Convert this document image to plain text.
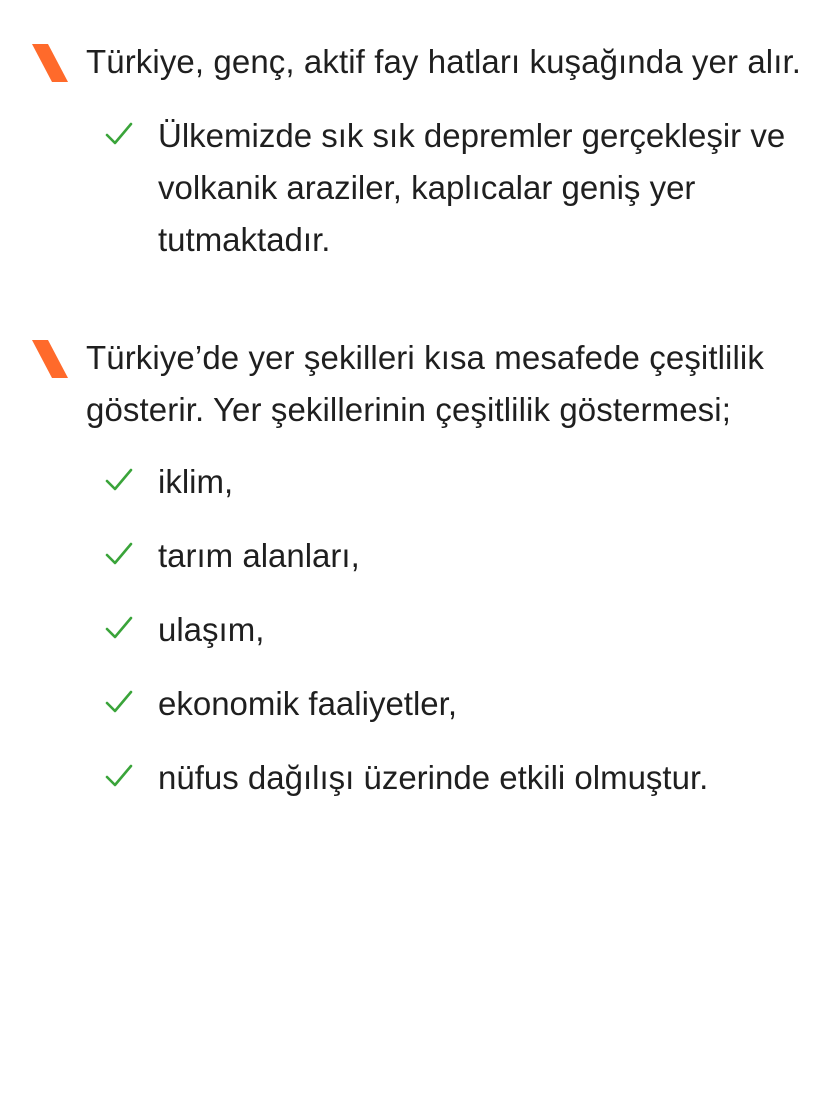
Türkiye, genç, aktif fay hatları kuşağında yer alır.

Ülkemizde sık sık depremler gerçekleşir ve volkanik araziler, kaplıcalar geniş yer tutmaktadır.

Türkiye’de yer şekilleri kısa mesafede çeşitlilik gösterir. Yer şekillerinin çeşitlilik göstermesi;

iklim,

tarım alanları,

ulaşım,

ekonomik faaliyetler,

nüfus dağılışı üzerinde etkili olmuştur.
